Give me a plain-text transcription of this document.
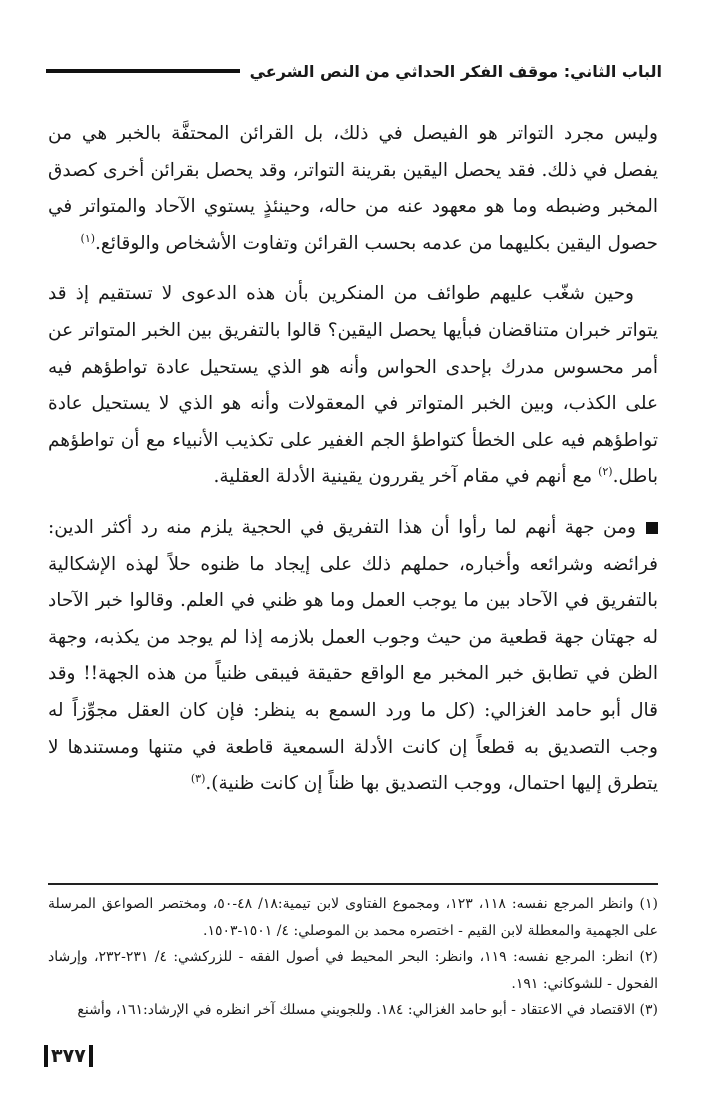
الباب الثاني: موقف الفكر الحداثي من النص الشرعي

وليس مجرد التواتر هو الفيصل في ذلك، بل القرائن المحتفَّة بالخبر هي من يفصل في ذلك. فقد يحصل اليقين بقرينة التواتر، وقد يحصل بقرائن أخرى كصدق المخبر وضبطه وما هو معهود عنه من حاله، وحينئذٍ يستوي الآحاد والمتواتر في حصول اليقين بكليهما من عدمه بحسب القرائن وتفاوت الأشخاص والوقائع.$^{(١)}$

وحين شغّب عليهم طوائف من المنكرين بأن هذه الدعوى لا تستقيم إذ قد يتواتر خبران متناقضان فبأيها يحصل اليقين؟ قالوا بالتفريق بين الخبر المتواتر عن أمر محسوس مدرك بإحدى الحواس وأنه هو الذي يستحيل عادة تواطؤهم فيه على الكذب، وبين الخبر المتواتر في المعقولات وأنه هو الذي لا يستحيل عادة تواطؤهم فيه على الخطأ كتواطؤ الجم الغفير على تكذيب الأنبياء مع أن تواطؤهم باطل.$^{(٢)}$ مع أنهم في مقام آخر يقررون يقينية الأدلة العقلية.

ومن جهة أنهم لما رأوا أن هذا التفريق في الحجية يلزم منه رد أكثر الدين: فرائضه وشرائعه وأخباره، حملهم ذلك على إيجاد ما ظنوه حلاً لهذه الإشكالية بالتفريق في الآحاد بين ما يوجب العمل وما هو ظني في العلم. وقالوا خبر الآحاد له جهتان جهة قطعية من حيث وجوب العمل بلازمه إذا لم يوجد من يكذبه، وجهة الظن في تطابق خبر المخبر مع الواقع حقيقة فيبقى ظنياً من هذه الجهة!! وقد قال أبو حامد الغزالي: (كل ما ورد السمع به ينظر: فإن كان العقل مجوِّزاً له وجب التصديق به قطعاً إن كانت الأدلة السمعية قاطعة في متنها ومستندها لا يتطرق إليها احتمال، ووجب التصديق بها ظناً إن كانت ظنية).$^{(٣)}$

(١) وانظر المرجع نفسه: ١١٨، ١٢٣، ومجموع الفتاوى لابن تيمية:١٨/ ٤٨-٥٠، ومختصر الصواعق المرسلة على الجهمية والمعطلة لابن القيم - اختصره محمد بن الموصلي: ٤/ ١٥٠١-١٥٠٣.

(٢) انظر: المرجع نفسه: ١١٩، وانظر: البحر المحيط في أصول الفقه - للزركشي: ٤/ ٢٣١-٢٣٢، وإرشاد الفحول - للشوكاني: ١٩١.

(٣) الاقتصاد في الاعتقاد - أبو حامد الغزالي: ١٨٤. وللجويني مسلك آخر انظره في الإرشاد:١٦١، وأشنع

٣٧٧
